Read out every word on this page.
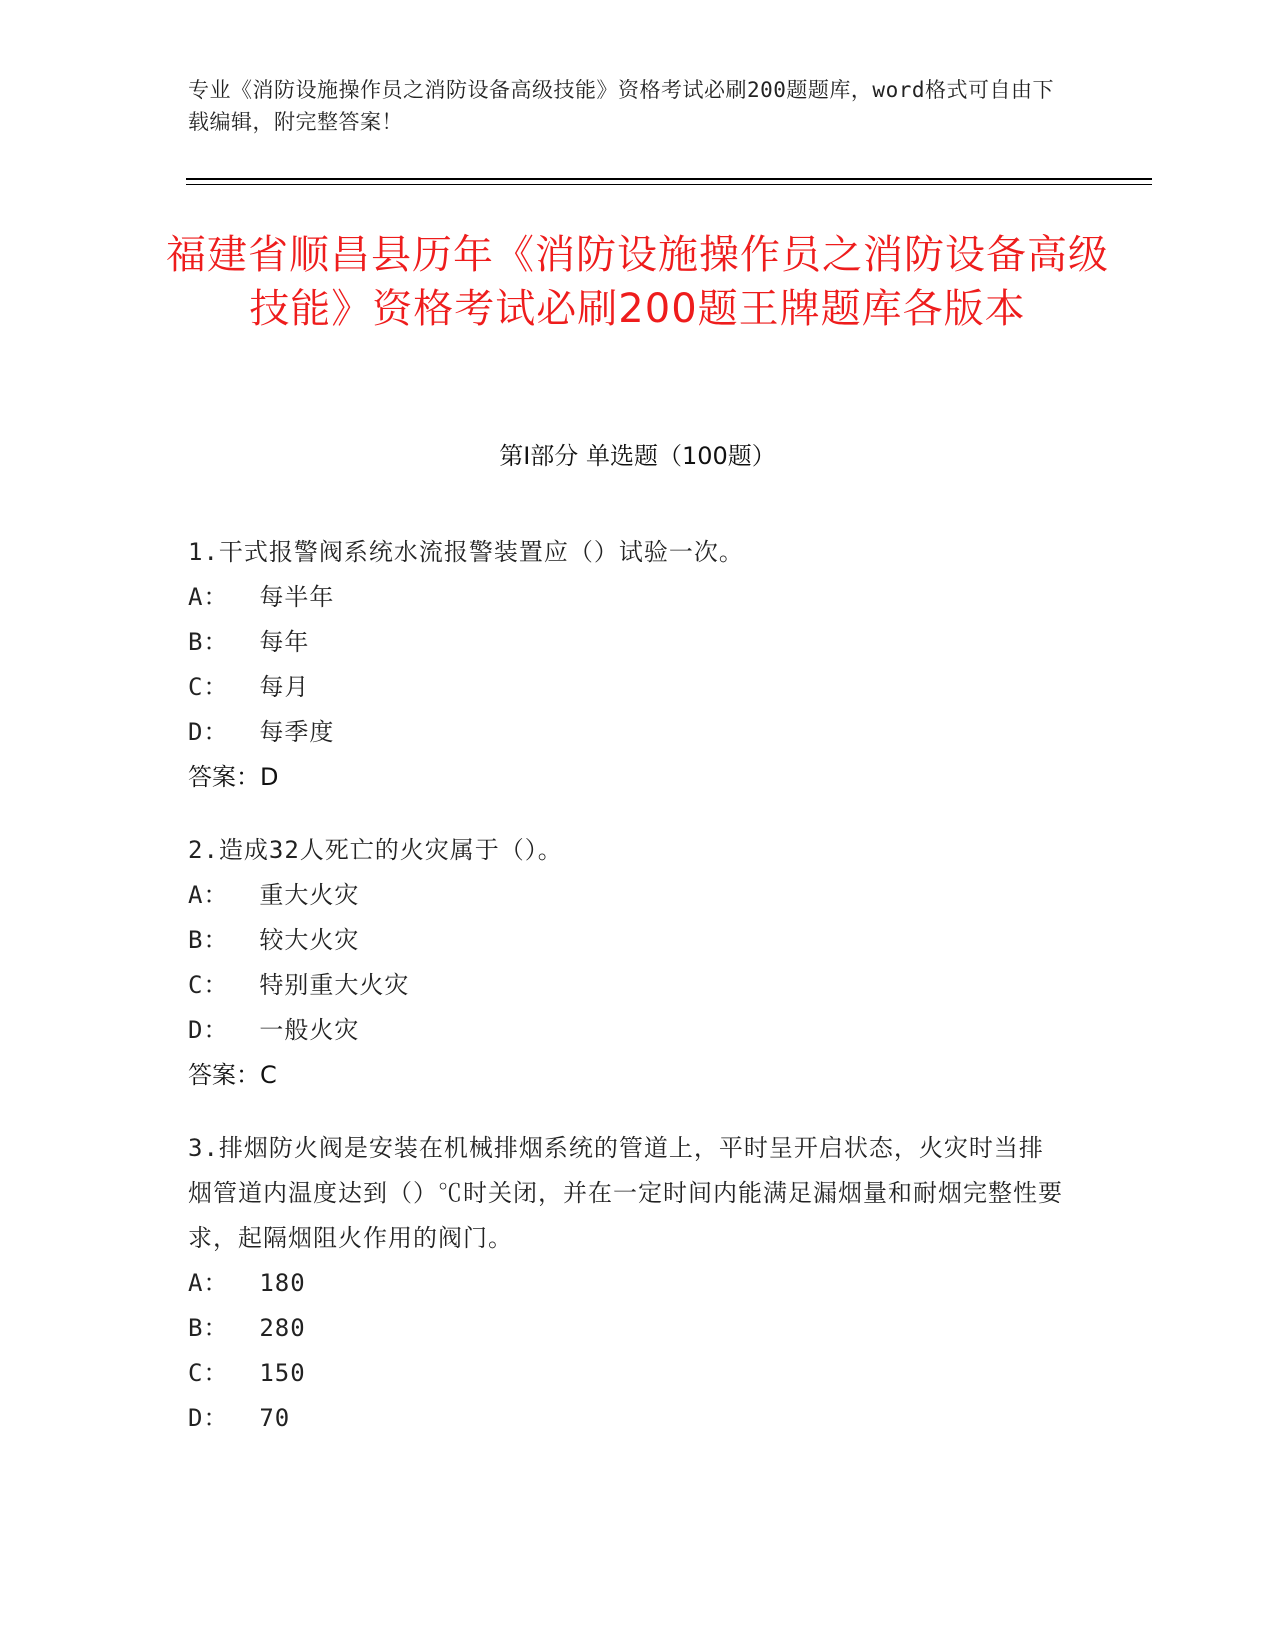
专业《消防设施操作员之消防设备高级技能》资格考试必刷200题题库，word格式可自由下载编辑，附完整答案！
福建省顺昌县历年《消防设施操作员之消防设备高级技能》资格考试必刷200题王牌题库各版本
第Ⅰ部分 单选题（100题）
1.干式报警阀系统水流报警装置应（）试验一次。
A：  每半年
B：  每年
C：  每月
D：  每季度
答案：D
2.造成32人死亡的火灾属于（）。
A：  重大火灾
B：  较大火灾
C：  特别重大火灾
D：  一般火灾
答案：C
3.排烟防火阀是安装在机械排烟系统的管道上，平时呈开启状态，火灾时当排烟管道内温度达到（）℃时关闭，并在一定时间内能满足漏烟量和耐烟完整性要求，起隔烟阻火作用的阀门。
A：  180
B：  280
C：  150
D：  70
